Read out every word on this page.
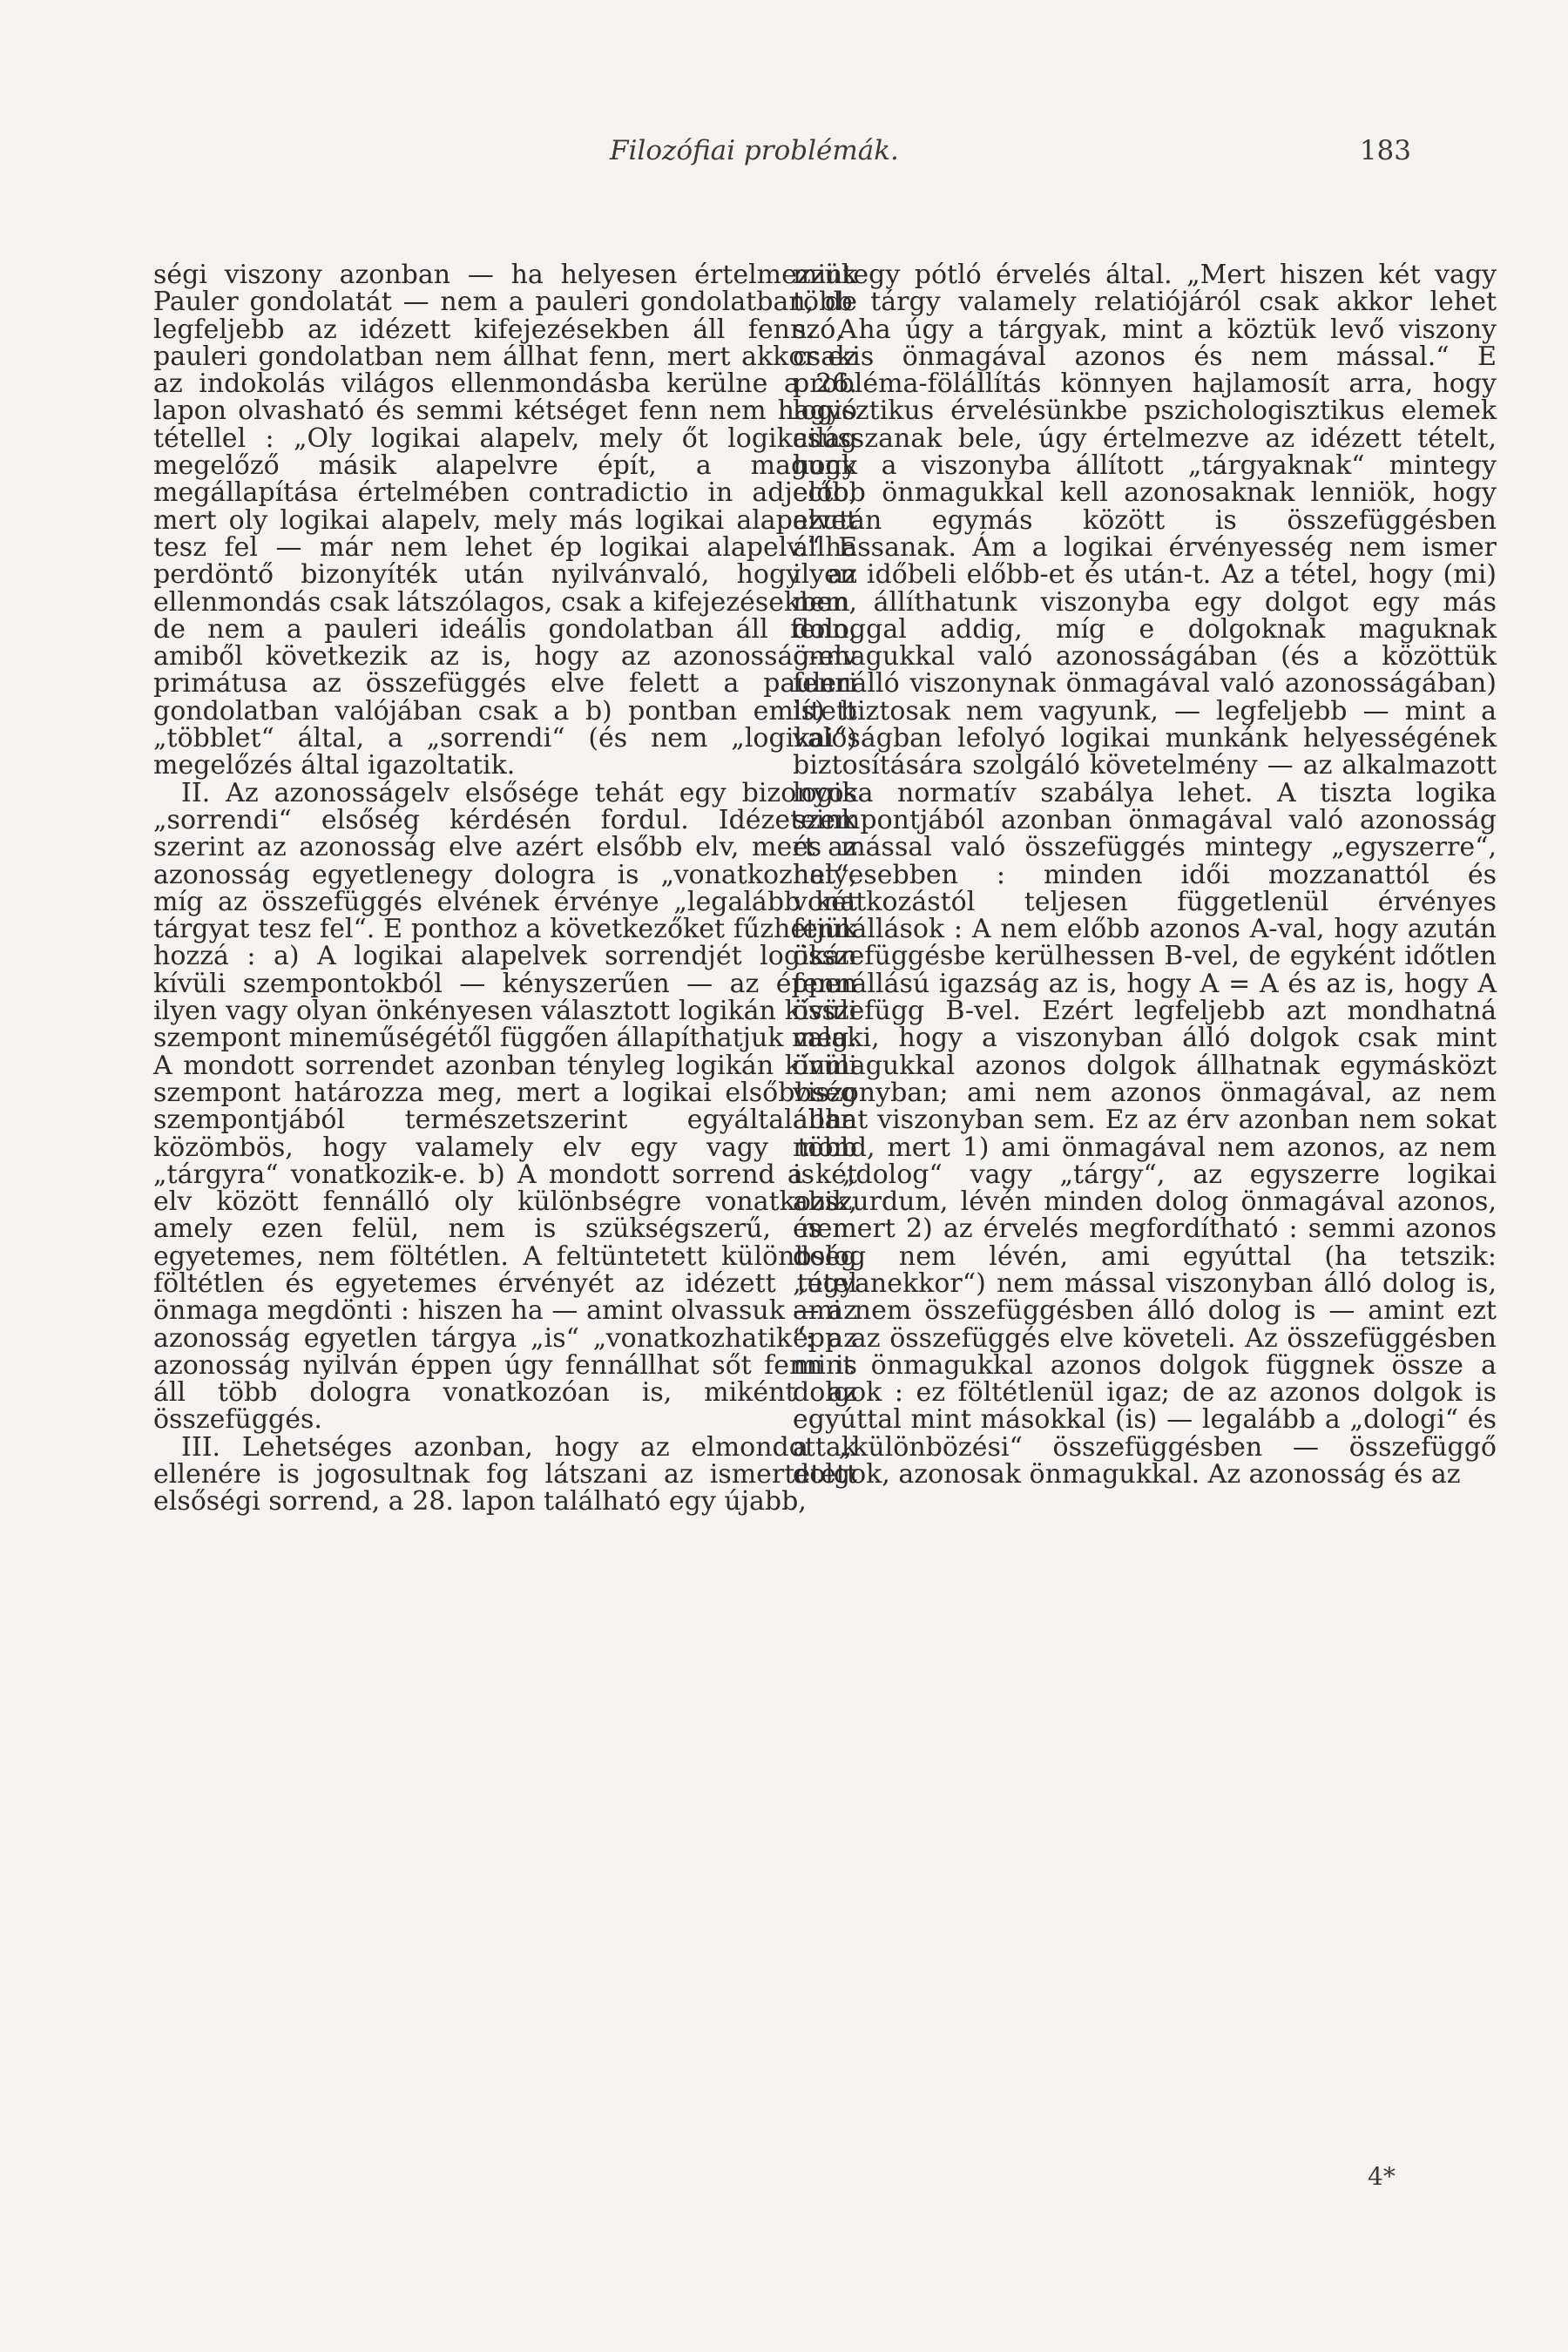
Filozófiai problémák.	183

ségi viszony azonban — ha helyesen értelmezzük Pauler gondolatát — nem a pauleri gondolatban, de legfeljebb az idézett kifejezésekben áll fenn. A pauleri gondolatban nem állhat fenn, mert akkor ez az indokolás világos ellenmondásba kerülne a 26. lapon olvasható és semmi kétséget fenn nem hagyó tétellel : „Oly logikai alapelv, mely őt logikailag megelőző másik alapelvre épít, a magunk megállapítása értelmében contradictio in adjecto, mert oly logikai alapelv, mely más logikai alapelvet tesz fel — már nem lehet ép logikai alapelv.“ E perdöntő bizonyíték után nyilvánvaló, hogy az ellenmondás csak látszólagos, csak a kifejezésekben, de nem a pauleri ideális gondolatban áll fenn, amiből következik az is, hogy az azonosság-elv primátusa az összefüggés elve felett a pauleri gondolatban valójában csak a b) pontban említett „többlet“ által, a „sorrendi“ (és nem „logikai“) megelőzés által igazoltatik.

II. Az azonosságelv elsősége tehát egy bizonyos „sorrendi“ elsőség kérdésén fordul. Idézeteink szerint az azonosság elve azért elsőbb elv, mert az azonosság egyetlenegy dologra is „vonatkozhat“, míg az összefüggés elvének érvénye „legalább két tárgyat tesz fel“. E ponthoz a következőket fűzhetjük hozzá : a) A logikai alapelvek sorrendjét logikán kívüli szempontokból — kényszerűen — az éppen ilyen vagy olyan önkényesen választott logikán kívüli szempont mineműségétől függően állapíthatjuk meg. A mondott sorrendet azonban tényleg logikán kívüli szempont határozza meg, mert a logikai elsőbbség szempontjából természetszerint egyáltalában közömbös, hogy valamely elv egy vagy több „tárgyra“ vonatkozik-e. b) A mondott sorrend a két elv között fennálló oly különbségre vonatkozik, amely ezen felül, nem is szükségszerű, nem egyetemes, nem föltétlen. A feltüntetett különbség föltétlen és egyetemes érvényét az idézett tétel önmaga megdönti : hiszen ha — amint olvassuk — az azonosság egyetlen tárgya „is“ „vonatkozhatik“: az azonosság nyilván éppen úgy fennállhat sőt fenn is áll több dologra vonatkozóan is, miként az összefüggés.

III. Lehetséges azonban, hogy az elmondottak ellenére is jogosultnak fog látszani az ismertetett elsőségi sorrend, a 28. lapon található egy újabb,

mintegy pótló érvelés által. „Mert hiszen két vagy több tárgy valamely relatiójáról csak akkor lehet szó, ha úgy a tárgyak, mint a köztük levő viszony csakis önmagával azonos és nem mással.“ E probléma-fölállítás könnyen hajlamosít arra, hogy logisztikus érvelésünkbe pszichologisztikus elemek csússzanak bele, úgy értelmezve az idézett tételt, hogy a viszonyba állított „tárgyaknak“ mintegy előbb önmagukkal kell azonosaknak lenniök, hogy azután egymás között is összefüggésben állhassanak. Ám a logikai érvényesség nem ismer ilyen időbeli előbb-et és után-t. Az a tétel, hogy (mi) nem állíthatunk viszonyba egy dolgot egy más dologgal addig, míg e dolgoknak maguknak önmagukkal való azonosságában (és a közöttük fennálló viszonynak önmagával való azonosságában) is) biztosak nem vagyunk, — legfeljebb — mint a valóságban lefolyó logikai munkánk helyességének biztosítására szolgáló követelmény — az alkalmazott logika normatív szabálya lehet. A tiszta logika szempontjából azonban önmagával való azonosság és mással való összefüggés mintegy „egyszerre“, helyesebben : minden idői mozzanattól és vonatkozástól teljesen függetlenül érvényes fennállások : A nem előbb azonos A-val, hogy azután összefüggésbe kerülhessen B-vel, de egyként időtlen fennállású igazság az is, hogy A = A és az is, hogy A összefügg B-vel. Ezért legfeljebb azt mondhatná valaki, hogy a viszonyban álló dolgok csak mint önmagukkal azonos dolgok állhatnak egymásközt viszonyban; ami nem azonos önmagával, az nem állhat viszonyban sem. Ez az érv azonban nem sokat mond, mert 1) ami önmagával nem azonos, az nem is „dolog“ vagy „tárgy“, az egyszerre logikai abszurdum, lévén minden dolog önmagával azonos, és mert 2) az érvelés megfordítható : semmi azonos dolog nem lévén, ami egyúttal (ha tetszik: „ugyanekkor“) nem mással viszonyban álló dolog is, ami nem összefüggésben álló dolog is — amint ezt épp az összefüggés elve követeli. Az összefüggésben mint önmagukkal azonos dolgok függnek össze a dolgok : ez föltétlenül igaz; de az azonos dolgok is egyúttal mint másokkal (is) — legalább a „dologi“ és a „különbözési“ összefüggésben — összefüggő dolgok, azonosak önmagukkal. Az azonosság és az

4*
